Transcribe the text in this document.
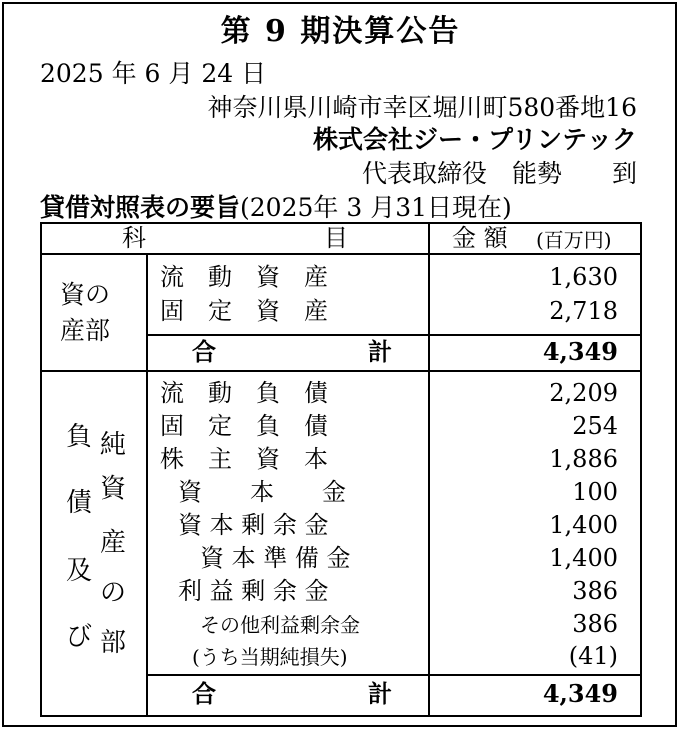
第 9 期決算公告
2025 年 6 月 24 日
神奈川県川崎市幸区堀川町580番地16
株式会社ジー・プリンテック
代表取締役　能勢　　到
貸借対照表の要旨(2025年 3 月31日現在)
科	目	金 額 (百万円)
資の
産部
流　動　資　産	1,630
固　定　資　産	2,718
合	計	4,349
負
債
及
び
純
資
産
の
部
流　動　負　債	2,209
固　定　負　債	254
株　主　資　本	1,886
資　　本　　金	100
資 本 剰 余 金	1,400
資 本 準 備 金	1,400
利 益 剰 余 金	386
その他利益剰余金	386
(うち当期純損失)	(41)
合	計	4,349
